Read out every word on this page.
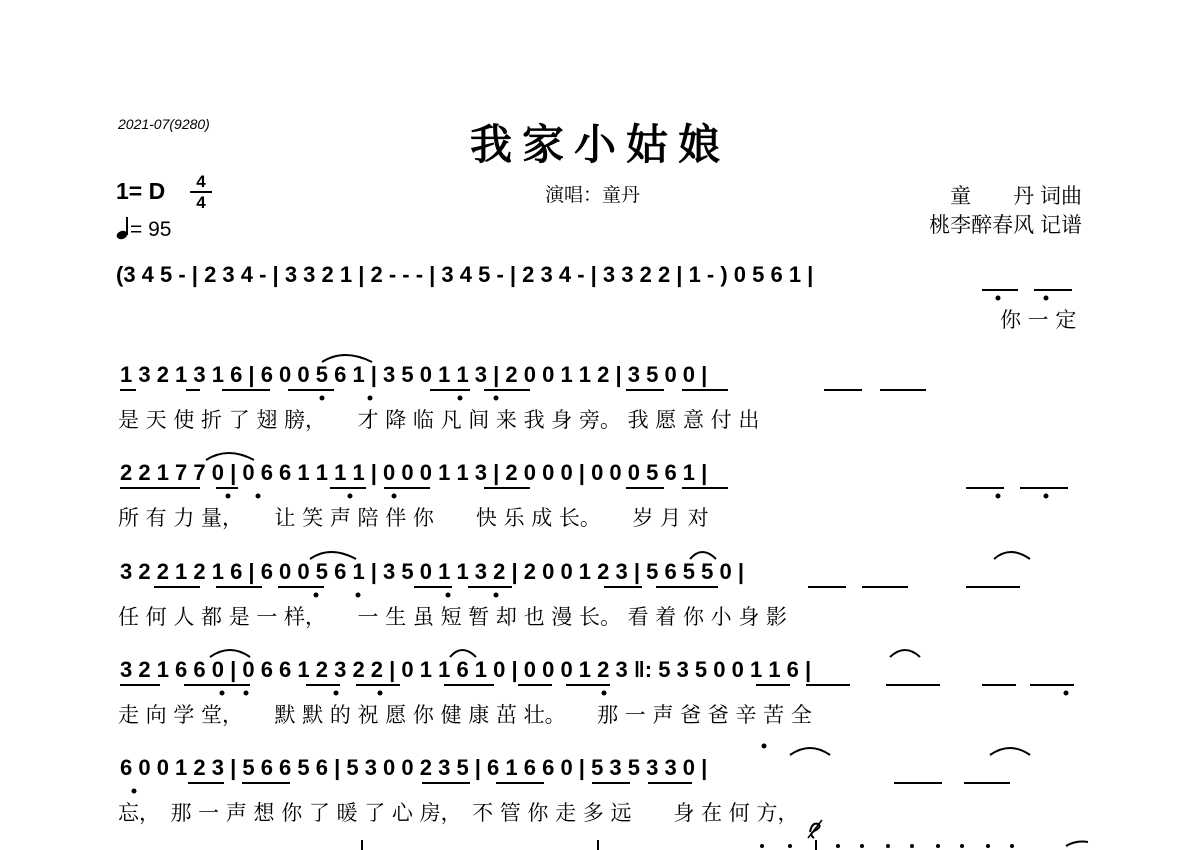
2021-07(9280)	我家小姑娘
1= D	4
4
= 95
演唱：童丹	童　　丹 词曲
桃李醉春风 记谱
(3 4 5 - | 2 3 4 - | 3 3 2 1 | 2 - - - | 3 4 5 - | 2 3 4 - | 3 3 2 2 | 1 - ) 0 5 6 1 |
你 一 定
1 3 2 1 3 1 6 | 6 0 0 5 6 1 | 3 5 0 1 1 3 | 2 0 0 1 1 2 | 3 5 0 0 |
是 天 使 折 了 翅 膀，　　才 降 临 凡 间 来 我 身 旁。 我 愿 意 付 出
2 2 1 7 7 0 | 0 6 6 1 1 1 1 | 0 0 0 1 1 3 | 2 0 0 0 | 0 0 0 5 6 1 |
所 有 力 量，　　让 笑 声 陪 伴 你　　快 乐 成 长。　　岁 月 对
3 2 2 1 2 1 6 | 6 0 0 5 6 1 | 3 5 0 1 1 3 2 | 2 0 0 1 2 3 | 5 6 5 5 0 |
任 何 人 都 是 一 样，　　一 生 虽 短 暂 却 也 漫 长。 看 着 你 小 身 影
3 2 1 6 6 0 | 0 6 6 1 2 3 2 2 | 0 1 1 6 1 0 | 0 0 0 1 2 3 ‖: 5 3 5 0 0 1 1 6 |
走 向 学 堂，　　默 默 的 祝 愿 你 健 康 茁 壮。　　那 一 声 爸 爸 辛 苦 全
6 0 0 1 2 3 | 5 6 6 5 6 | 5 3 0 0 2 3 5 | 6 1 6 6 0 | 5 3 5 3 3 0 |
忘，　那 一 声 想 你 了 暖 了 心 房，　不 管 你 走 多 远　　身 在 何 方，
